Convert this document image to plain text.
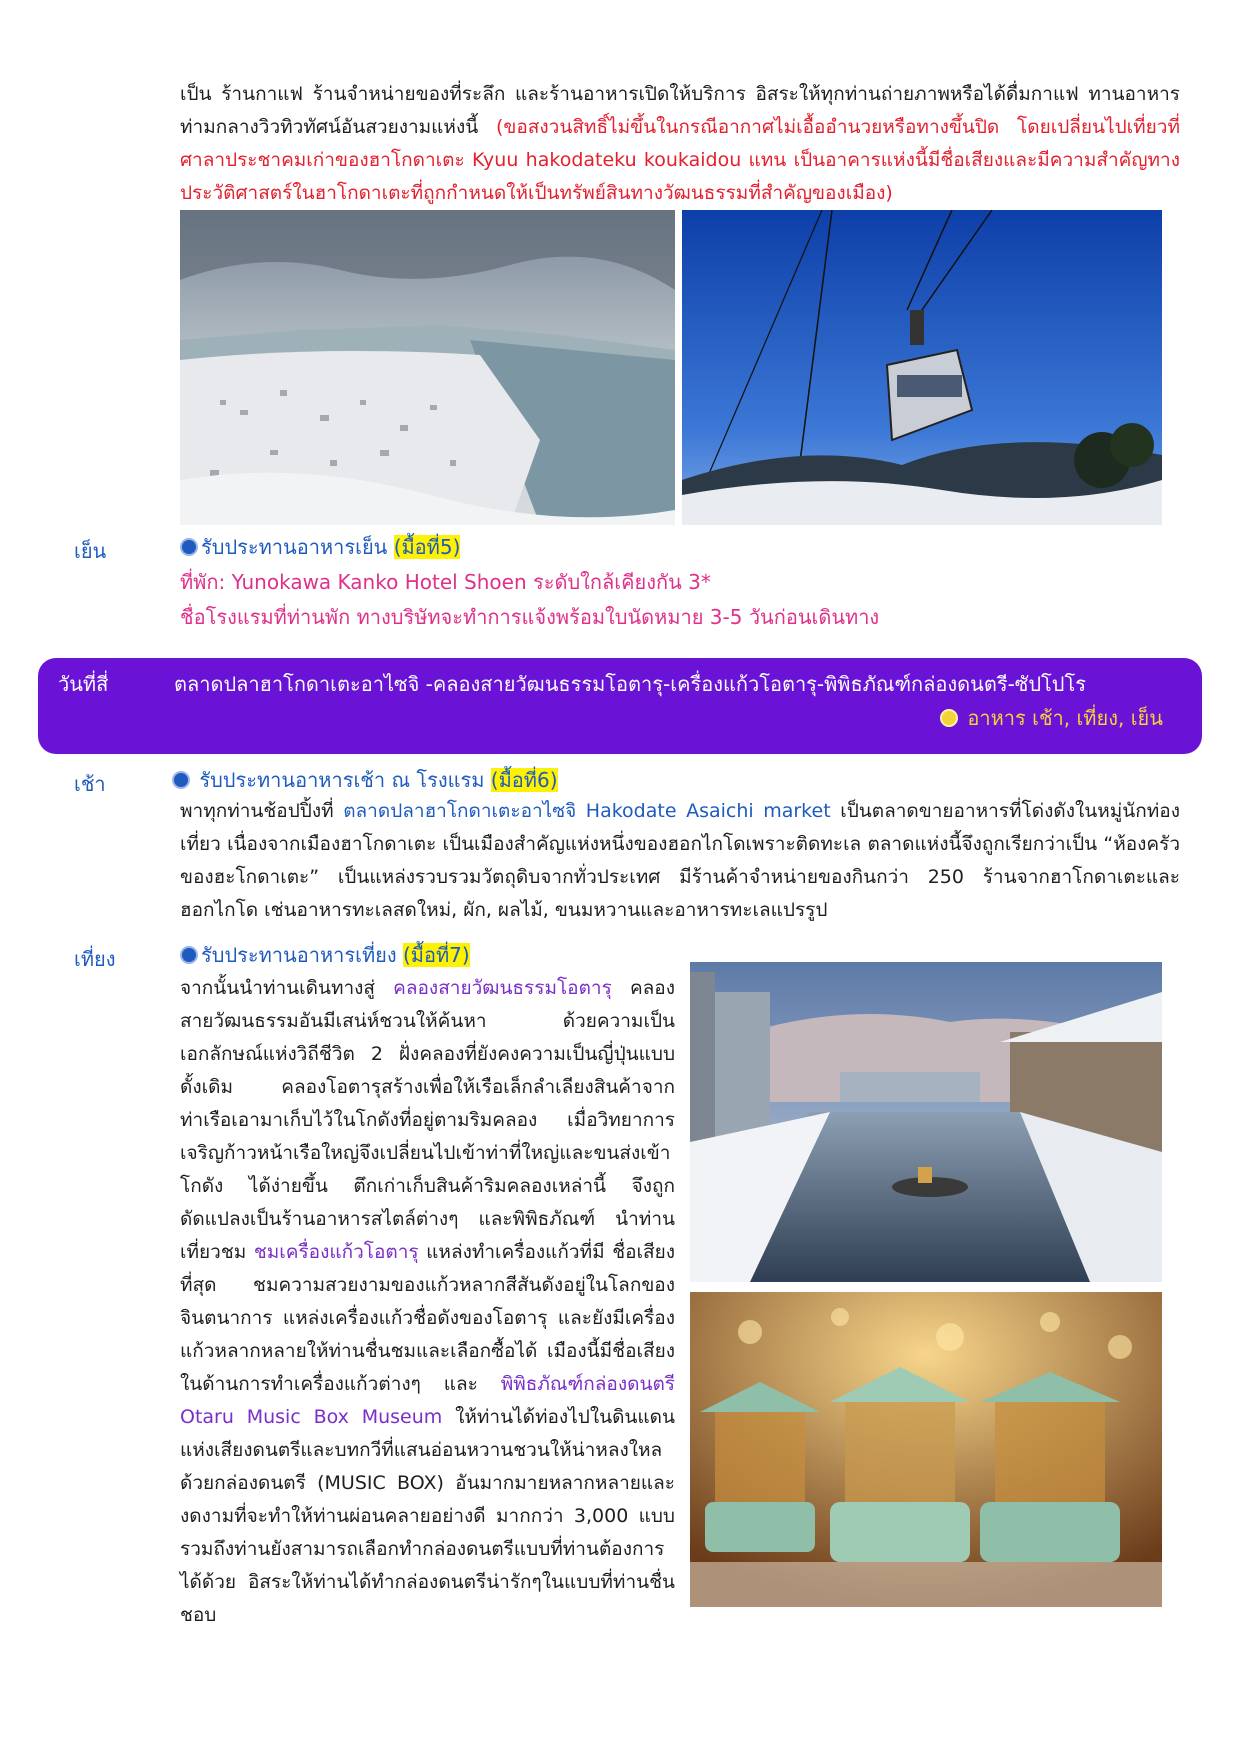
เป็น ร้านกาแฟ ร้านจำหน่ายของที่ระลึก และร้านอาหารเปิดให้บริการ อิสระให้ทุกท่านถ่ายภาพหรือได้ดื่มกาแฟ ทานอาหารท่ามกลางวิวทิวทัศน์อันสวยงามแห่งนี้ (ขอสงวนสิทธิ์ไม่ขึ้นในกรณีอากาศไม่เอื้ออำนวยหรือทางขึ้นปิด โดยเปลี่ยนไปเที่ยวที่ ศาลาประชาคมเก่าของฮาโกดาเตะ Kyuu hakodateku koukaidou แทน เป็นอาคารแห่งนี้มีชื่อเสียงและมีความสำคัญทางประวัติศาสตร์ในฮาโกดาเตะที่ถูกกำหนดให้เป็นทรัพย์สินทางวัฒนธรรมที่สำคัญของเมือง)

เย็น	รับประทานอาหารเย็น (มื้อที่5)
ที่พัก: Yunokawa Kanko Hotel Shoen ระดับใกล้เคียงกัน 3*
ชื่อโรงแรมที่ท่านพัก ทางบริษัทจะทำการแจ้งพร้อมใบนัดหมาย 3-5 วันก่อนเดินทาง
วันที่สี่	ตลาดปลาฮาโกดาเตะอาไซจิ -คลองสายวัฒนธรรมโอตารุ-เครื่องแก้วโอตารุ-พิพิธภัณฑ์กล่องดนตรี-ซัปโปโร
อาหาร เช้า, เที่ยง, เย็น
เช้า	รับประทานอาหารเช้า ณ โรงแรม (มื้อที่6)

พาทุกท่านช้อปปิ้งที่ ตลาดปลาฮาโกดาเตะอาไซจิ Hakodate Asaichi market เป็นตลาดขายอาหารที่โด่งดังในหมู่นักท่องเที่ยว เนื่องจากเมืองฮาโกดาเตะ เป็นเมืองสำคัญแห่งหนึ่งของฮอกไกโดเพราะติดทะเล ตลาดแห่งนี้จึงถูกเรียกว่าเป็น “ห้องครัวของฮะโกดาเตะ” เป็นแหล่งรวบรวมวัตถุดิบจากทั่วประเทศ มีร้านค้าจำหน่ายของกินกว่า 250 ร้านจากฮาโกดาเตะและฮอกไกโด เช่นอาหารทะเลสดใหม่, ผัก, ผลไม้, ขนมหวานและอาหารทะเลแปรรูป

เที่ยง	รับประทานอาหารเที่ยง (มื้อที่7)

จากนั้นนำท่านเดินทางสู่ คลองสายวัฒนธรรมโอตารุ คลองสายวัฒนธรรมอันมีเสน่ห์ชวนให้ค้นหา ด้วยความเป็นเอกลักษณ์แห่งวิถีชีวิต 2 ฝั่งคลองที่ยังคงความเป็นญี่ปุ่นแบบดั้งเดิม คลองโอตารุสร้างเพื่อให้เรือเล็กลำเลียงสินค้าจากท่าเรือเอามาเก็บไว้ในโกดังที่อยู่ตามริมคลอง เมื่อวิทยาการเจริญก้าวหน้าเรือใหญ่จึงเปลี่ยนไปเข้าท่าที่ใหญ่และขนส่งเข้าโกดัง ได้ง่ายขึ้น ตึกเก่าเก็บสินค้าริมคลองเหล่านี้ จึงถูกดัดแปลงเป็นร้านอาหารสไตล์ต่างๆ และพิพิธภัณฑ์ นำท่านเที่ยวชม ชมเครื่องแก้วโอตารุ แหล่งทำเครื่องแก้วที่มี ชื่อเสียงที่สุด ชมความสวยงามของแก้วหลากสีสันดังอยู่ในโลกของจินตนาการ แหล่งเครื่องแก้วชื่อดังของโอตารุ และยังมีเครื่องแก้วหลากหลายให้ท่านชื่นชมและเลือกซื้อได้ เมืองนี้มีชื่อเสียงในด้านการทำเครื่องแก้วต่างๆ และ พิพิธภัณฑ์กล่องดนตรี Otaru Music Box Museum ให้ท่านได้ท่องไปในดินแดนแห่งเสียงดนตรีและบทกวีที่แสนอ่อนหวานชวนให้น่าหลงใหล ด้วยกล่องดนตรี (MUSIC BOX) อันมากมายหลากหลายและงดงามที่จะทำให้ท่านผ่อนคลายอย่างดี มากกว่า 3,000 แบบ รวมถึงท่านยังสามารถเลือกทำกล่องดนตรีแบบที่ท่านต้องการได้ด้วย อิสระให้ท่านได้ทำกล่องดนตรีน่ารักๆในแบบที่ท่านชื่นชอบ
